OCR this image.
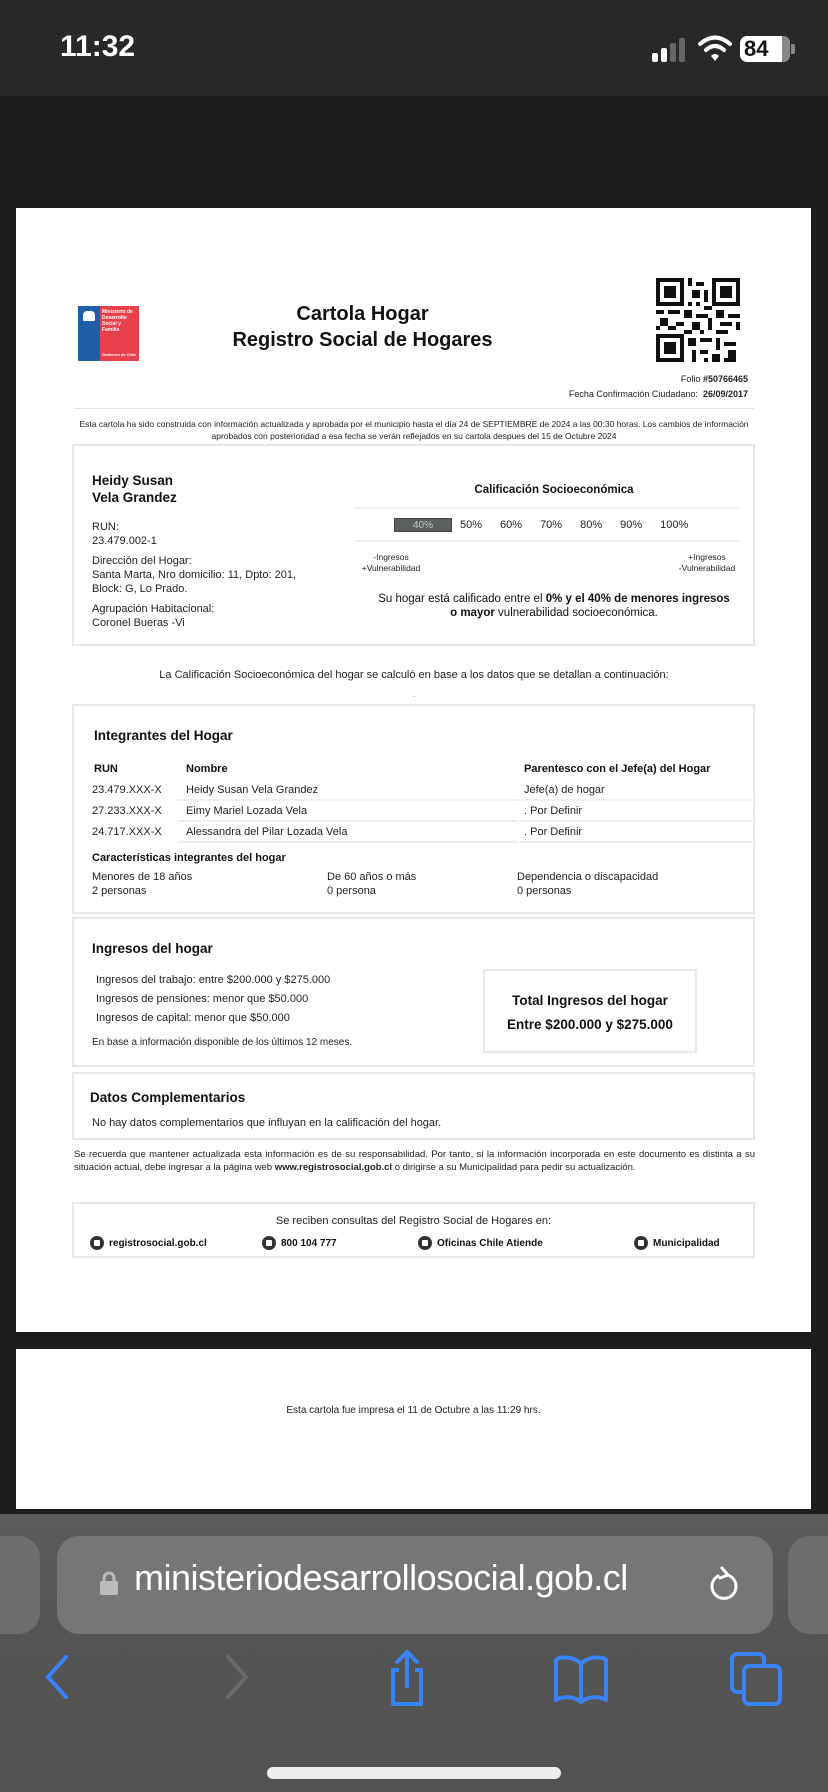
11:32	84
Ministerio de
Desarrollo
Social y
Familia
Gobierno de Chile
Cartola Hogar
Registro Social de Hogares
Folio #50766465
Fecha Confirmación Ciudadano: 26/09/2017
Esta cartola ha sido construida con información actualizada y aprobada por el municipio hasta el día 24 de SEPTIEMBRE de 2024 a las 00:30 horas. Los cambios de información aprobados con posterioridad a esa fecha se verán reflejados en su cartola despues del 15 de Octubre 2024
Heidy Susan
Vela Grandez
RUN:
23.479.002-1
Dirección del Hogar:
Santa Marta, Nro domicilio: 11, Dpto: 201,
Block: G, Lo Prado.
Agrupación Habitacional:
Coronel Bueras -Vi
Calificación Socioeconómica
40%	50% 60% 70% 80% 90% 100%
-Ingresos
+Vulnerabilidad
+Ingresos
-Vulnerabilidad
Su hogar está calificado entre el 0% y el 40% de menores ingresos
o mayor vulnerabilidad socioeconómica.
La Calificación Socioeconómica del hogar se calculó en base a los datos que se detallan a continuación:
.
Integrantes del Hogar
RUN	Nombre	Parentesco con el Jefe(a) del Hogar
23.479.XXX-X Heidy Susan Vela Grandez	Jefe(a) de hogar
27.233.XXX-X Eimy Mariel Lozada Vela	. Por Definir
24.717.XXX-X Alessandra del Pilar Lozada Vela	. Por Definir
Características integrantes del hogar
Menores de 18 años
2 personas
De 60 años o más
0 persona
Dependencia o discapacidad
0 personas
Ingresos del hogar
Ingresos del trabajo: entre $200.000 y $275.000
Ingresos de pensiones: menor que $50.000
Ingresos de capital: menor que $50.000
En base a información disponible de los últimos 12 meses.
Total Ingresos del hogar
Entre $200.000 y $275.000
Datos Complementarios
No hay datos complementarios que influyan en la calificación del hogar.
Se recuerda que mantener actualizada esta información es de su responsabilidad. Por tanto, si la información incorporada en este documento es distinta a su situación actual, debe ingresar a la página web www.registrosocial.gob.cl o dirigirse a su Municipalidad para pedir su actualización.
Se reciben consultas del Registro Social de Hogares en:
registrosocial.gob.cl	800 104 777	Oficinas Chile Atiende	Municipalidad
Esta cartola fue impresa el 11 de Octubre a las 11:29 hrs.
ministeriodesarrollosocial.gob.cl
